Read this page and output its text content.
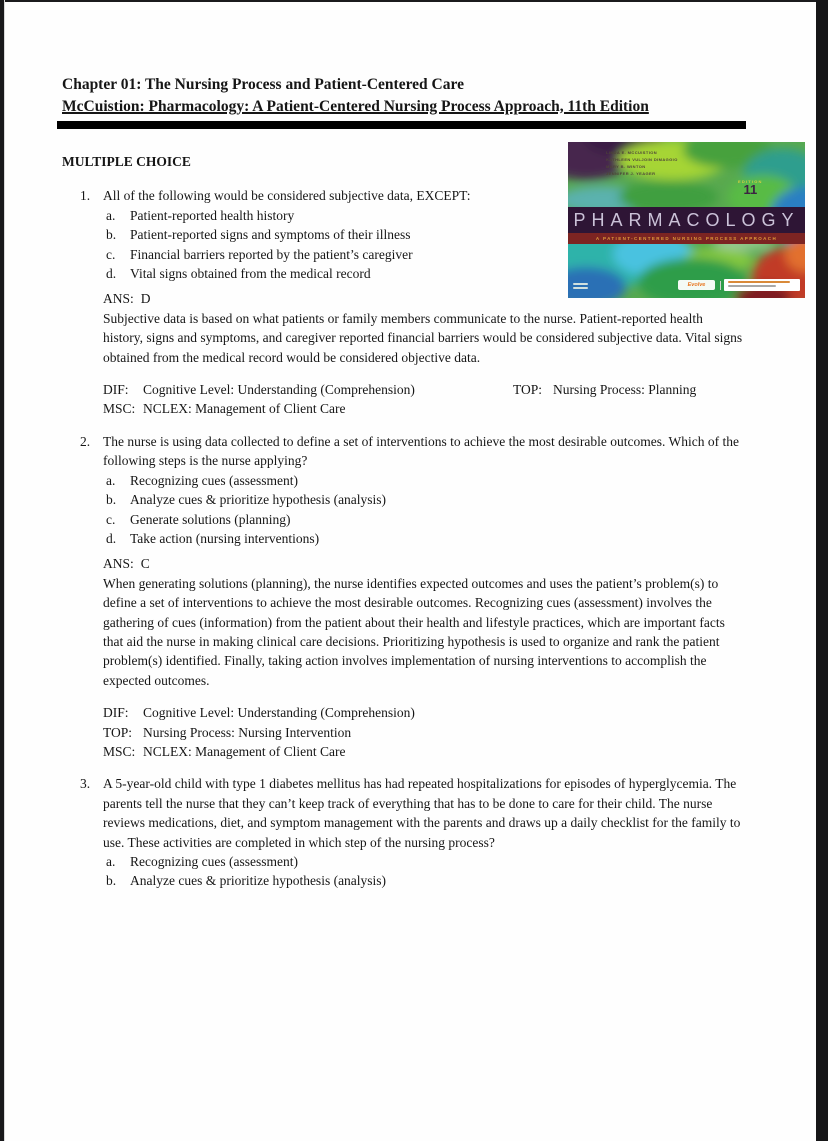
LINDA E. MCCUISTION
KATHLEEN VULJOIN DIMAGGIO
MARY B. WINTON
JENNIFER J. YEAGER
EDITION
11
PHARMACOLOGY
A PATIENT-CENTERED NURSING PROCESS APPROACH
Evolve
Chapter 01: The Nursing Process and Patient-Centered Care
McCuistion: Pharmacology: A Patient-Centered Nursing Process Approach, 11th Edition
MULTIPLE CHOICE
1. All of the following would be considered subjective data, EXCEPT:
a.	Patient-reported health history
b.	Patient-reported signs and symptoms of their illness
c.	Financial barriers reported by the patient’s caregiver
d.	Vital signs obtained from the medical record
ANS: D
Subjective data is based on what patients or family members communicate to the nurse. Patient-reported health history, signs and symptoms, and caregiver reported financial barriers would be considered subjective data. Vital signs obtained from the medical record would be considered objective data.
DIF: Cognitive Level: Understanding (Comprehension)	TOP: Nursing Process: Planning
MSC: NCLEX: Management of Client Care
2. The nurse is using data collected to define a set of interventions to achieve the most desirable outcomes. Which of the following steps is the nurse applying?
a.	Recognizing cues (assessment)
b.	Analyze cues & prioritize hypothesis (analysis)
c.	Generate solutions (planning)
d.	Take action (nursing interventions)
ANS: C
When generating solutions (planning), the nurse identifies expected outcomes and uses the patient’s problem(s) to define a set of interventions to achieve the most desirable outcomes. Recognizing cues (assessment) involves the gathering of cues (information) from the patient about their health and lifestyle practices, which are important facts that aid the nurse in making clinical care decisions. Prioritizing hypothesis is used to organize and rank the patient problem(s) identified. Finally, taking action involves implementation of nursing interventions to accomplish the expected outcomes.
DIF: Cognitive Level: Understanding (Comprehension)
TOP: Nursing Process: Nursing Intervention
MSC: NCLEX: Management of Client Care
3. A 5-year-old child with type 1 diabetes mellitus has had repeated hospitalizations for episodes of hyperglycemia. The parents tell the nurse that they can’t keep track of everything that has to be done to care for their child. The nurse reviews medications, diet, and symptom management with the parents and draws up a daily checklist for the family to use. These activities are completed in which step of the nursing process?
a.	Recognizing cues (assessment)
b.	Analyze cues & prioritize hypothesis (analysis)
